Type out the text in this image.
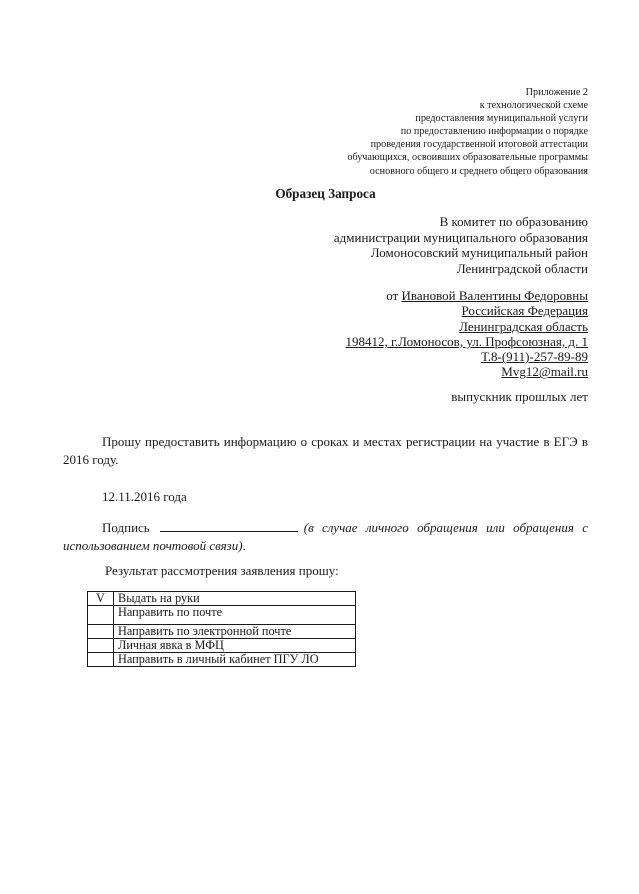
Приложение 2
к технологической схеме
предоставления муниципальной услуги
по предоставлению информации о порядке
проведения государственной итоговой аттестации
обучающихся, освоивших образовательные программы
основного общего и среднего общего образования
Образец Запроса
В комитет по образованию
администрации муниципального образования
Ломоносовский муниципальный район
Ленинградской области
от Ивановой Валентины Федоровны
Российская Федерация
Ленинградская область
198412, г.Ломоносов, ул. Профсоюзная, д. 1
Т.8-(911)-257-89-89
Mvg12@mail.ru
выпускник прошлых лет
Прошу предоставить информацию о сроках и местах регистрации на участие в ЕГЭ в 2016 году.
12.11.2016 года
Подпись	(в случае личного обращения или обращения с использованием почтовой связи).
Результат рассмотрения заявления прошу:
V	Выдать на руки
	Направить по почте
	Направить по электронной почте
	Личная явка в МФЦ
	Направить в личный кабинет ПГУ ЛО
